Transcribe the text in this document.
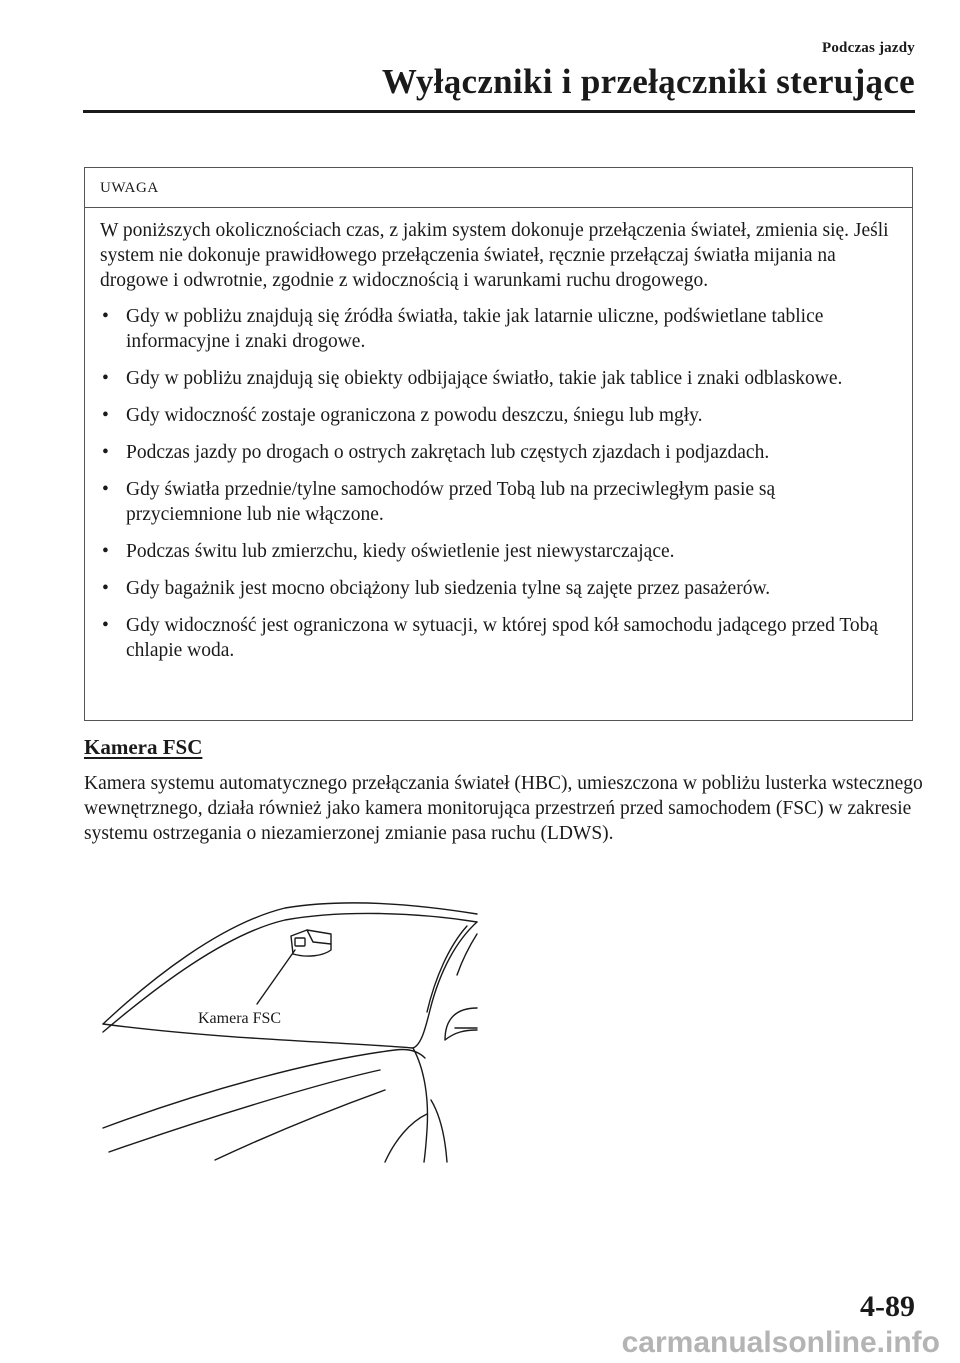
Podczas jazdy
Wyłączniki i przełączniki sterujące
UWAGA

W poniższych okolicznościach czas, z jakim system dokonuje przełączenia świateł, zmienia się. Jeśli system nie dokonuje prawidłowego przełączenia świateł, ręcznie przełączaj światła mijania na drogowe i odwrotnie, zgodnie z widocznością i warunkami ruchu drogowego.

• Gdy w pobliżu znajdują się źródła światła, takie jak latarnie uliczne, podświetlane tablice informacyjne i znaki drogowe.
• Gdy w pobliżu znajdują się obiekty odbijające światło, takie jak tablice i znaki odblaskowe.
• Gdy widoczność zostaje ograniczona z powodu deszczu, śniegu lub mgły.
• Podczas jazdy po drogach o ostrych zakrętach lub częstych zjazdach i podjazdach.
• Gdy światła przednie/tylne samochodów przed Tobą lub na przeciwległym pasie są przyciemnione lub nie włączone.
• Podczas świtu lub zmierzchu, kiedy oświetlenie jest niewystarczające.
• Gdy bagażnik jest mocno obciążony lub siedzenia tylne są zajęte przez pasażerów.
• Gdy widoczność jest ograniczona w sytuacji, w której spod kół samochodu jadącego przed Tobą chlapie woda.
Kamera FSC
Kamera systemu automatycznego przełączania świateł (HBC), umieszczona w pobliżu lusterka wstecznego wewnętrznego, działa również jako kamera monitorująca przestrzeń przed samochodem (FSC) w zakresie systemu ostrzegania o niezamierzonej zmianie pasa ruchu (LDWS).
Kamera FSC
4-89
carmanualsonline.info
